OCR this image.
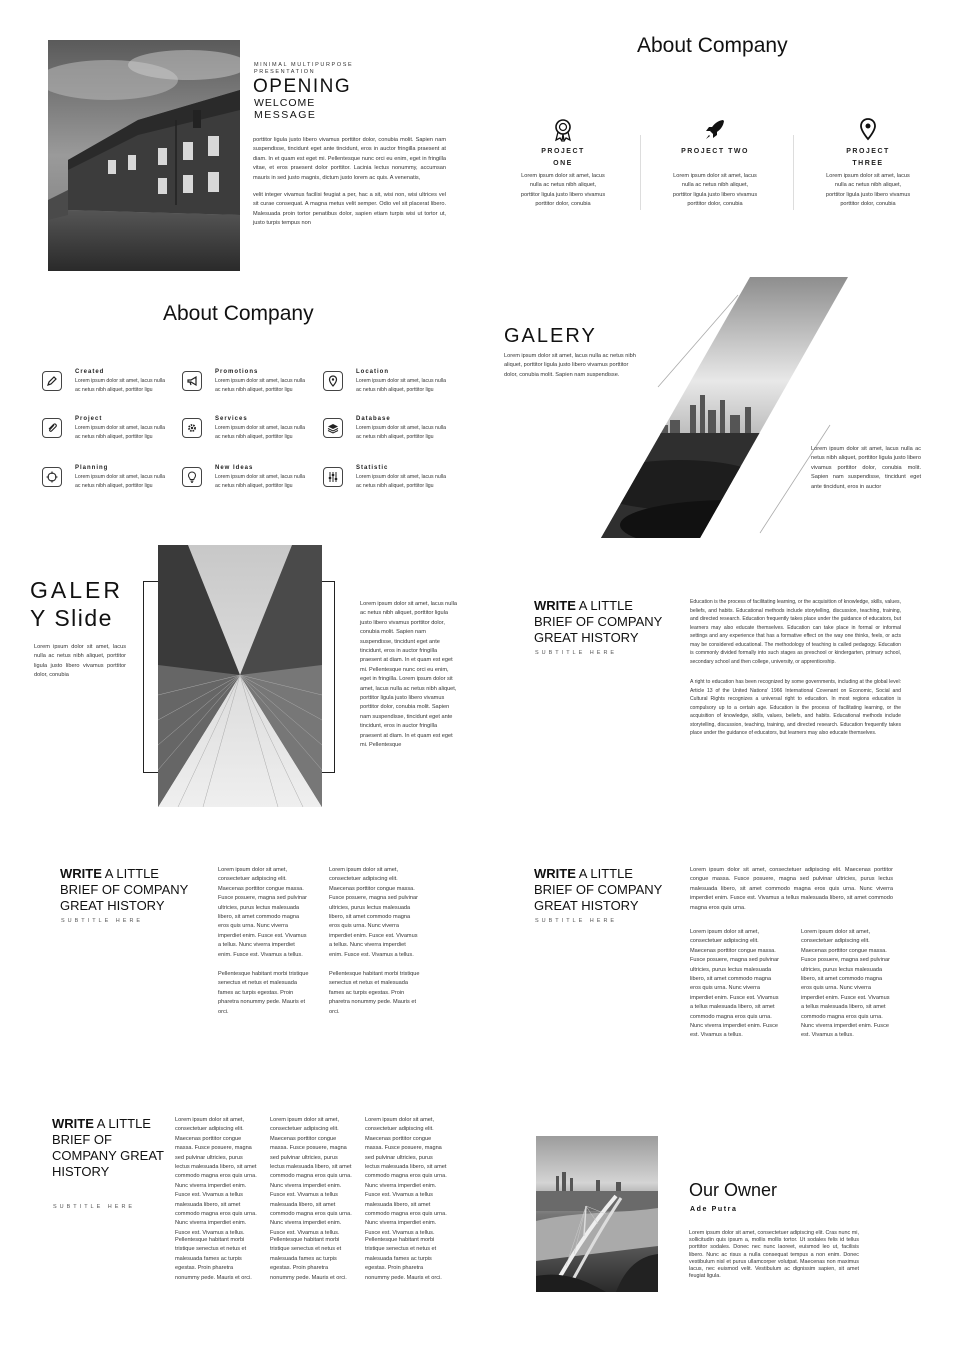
MINIMAL MULTIPURPOSE PRESENTATION
OPENING
WELCOME
MESSAGE
porttitor ligula justo libero vivamus porttitor dolor, conubia molit. Sapien nam suspendisse, tincidunt eget ante tincidunt, eros in auctor fringilla praesent at diam. In et quam est eget mi. Pellentesque nunc orci eu enim, eget in fringilla vitae, et eros praesent dolor porttitor. Lacinia lectus nonummy, accumsan mauris in sed justo magnis, dictum justo lorem ac quis. A venenatis,
velit integer vivamus facilisi feugiat a per, hac a sit, wisi non, wisi ultrices vel sit curae consequat. A magna metus velit semper. Odio vel sit placerat libero. Malesuada proin tortor penatibus dolor, sapien etiam turpis wisi ut tortor ut, justo turpis tempus non
About Company
PROJECT
ONE
Lorem ipsum dolor sit amet, lacus nulla ac netus nibh aliquet, porttitor ligula justo libero vivamus porttitor dolor, conubia
PROJECT TWO
Lorem ipsum dolor sit amet, lacus nulla ac netus nibh aliquet, porttitor ligula justo libero vivamus porttitor dolor, conubia
PROJECT
THREE
Lorem ipsum dolor sit amet, lacus nulla ac netus nibh aliquet, porttitor ligula justo libero vivamus porttitor dolor, conubia
About Company
Created
Lorem ipsum dolor sit amet, lacus nulla ac netus nibh aliquet, porttitor ligu
Promotions
Lorem ipsum dolor sit amet, lacus nulla ac netus nibh aliquet, porttitor ligu
Location
Lorem ipsum dolor sit amet, lacus nulla ac netus nibh aliquet, porttitor ligu
Project
Lorem ipsum dolor sit amet, lacus nulla ac netus nibh aliquet, porttitor ligu
Services
Lorem ipsum dolor sit amet, lacus nulla ac netus nibh aliquet, porttitor ligu
Database
Lorem ipsum dolor sit amet, lacus nulla ac netus nibh aliquet, porttitor ligu
Planning
Lorem ipsum dolor sit amet, lacus nulla ac netus nibh aliquet, porttitor ligu
New Ideas
Lorem ipsum dolor sit amet, lacus nulla ac netus nibh aliquet, porttitor ligu
Statistic
Lorem ipsum dolor sit amet, lacus nulla ac netus nibh aliquet, porttitor ligu
GALERY
Lorem ipsum dolor sit amet, lacus nulla ac netus nibh aliquet, porttitor ligula justo libero vivamus porttitor dolor, conubia molit. Sapien nam suspendisse.
Lorem ipsum dolor sit amet, lacus nulla ac netus nibh aliquet, porttitor ligula justo libero vivamus porttitor dolor, conubia molit. Sapien nam suspendisse, tincidunt eget ante tincidunt, eros in auctor
GALER
Y Slide
Lorem ipsum dolor sit amet, lacus nulla ac netus nibh aliquet, porttitor ligula justo libero vivamus porttitor dolor, conubia
Lorem ipsum dolor sit amet, lacus nulla ac netus nibh aliquet, porttitor ligula justo libero vivamus porttitor dolor, conubia molit. Sapien nam suspendisse, tincidunt eget ante tincidunt, eros in auctor fringilla praesent at diam. In et quam est eget mi. Pellentesque nunc orci eu enim, eget in fringilla. Lorem ipsum dolor sit amet, lacus nulla ac netus nibh aliquet, porttitor ligula justo libero vivamus porttitor dolor, conubia molit. Sapien nam suspendisse, tincidunt eget ante tincidunt, eros in auctor fringilla praesent at diam. In et quam est eget mi. Pellentesque
WRITE A LITTLE BRIEF OF COMPANY GREAT HISTORY
SUBTITLE HERE
Education is the process of facilitating learning, or the acquisition of knowledge, skills, values, beliefs, and habits. Educational methods include storytelling, discussion, teaching, training, and directed research. Education frequently takes place under the guidance of educators, but learners may also educate themselves. Education can take place in formal or informal settings and any experience that has a formative effect on the way one thinks, feels, or acts may be considered educational. The methodology of teaching is called pedagogy. Education is commonly divided formally into such stages as preschool or kindergarten, primary school, secondary school and then college, university, or apprenticeship.
A right to education has been recognized by some governments, including at the global level: Article 13 of the United Nations' 1966 International Covenant on Economic, Social and Cultural Rights recognizes a universal right to education. In most regions education is compulsory up to a certain age. Education is the process of facilitating learning, or the acquisition of knowledge, skills, values, beliefs, and habits. Educational methods include storytelling, discussion, teaching, training, and directed research. Education frequently takes place under the guidance of educators, but learners may also educate themselves.
WRITE A LITTLE BRIEF OF COMPANY GREAT HISTORY
SUBTITLE HERE
Lorem ipsum dolor sit amet, consectetuer adipiscing elit. Maecenas porttitor congue massa. Fusce posuere, magna sed pulvinar ultricies, purus lectus malesuada libero, sit amet commodo magna eros quis urna. Nunc viverra imperdiet enim. Fusce est. Vivamus a tellus. Nunc viverra imperdiet enim. Fusce est. Vivamus a tellus.
Pellentesque habitant morbi tristique senectus et netus et malesuada fames ac turpis egestas. Proin pharetra nonummy pede. Mauris et orci.
Lorem ipsum dolor sit amet, consectetuer adipiscing elit. Maecenas porttitor congue massa. Fusce posuere, magna sed pulvinar ultricies, purus lectus malesuada libero, sit amet commodo magna eros quis urna. Nunc viverra imperdiet enim. Fusce est. Vivamus a tellus. Nunc viverra imperdiet enim. Fusce est. Vivamus a tellus.
Pellentesque habitant morbi tristique senectus et netus et malesuada fames ac turpis egestas. Proin pharetra nonummy pede. Mauris et orci.
WRITE A LITTLE BRIEF OF COMPANY GREAT HISTORY
SUBTITLE HERE
Lorem ipsum dolor sit amet, consectetuer adipiscing elit. Maecenas porttitor congue massa. Fusce posuere, magna sed pulvinar ultricies, purus lectus malesuada libero, sit amet commodo magna eros quis urna. Nunc viverra imperdiet enim. Fusce est. Vivamus a tellus malesuada libero, sit amet commodo magna eros quis urna.
Lorem ipsum dolor sit amet, consectetuer adipiscing elit. Maecenas porttitor congue massa. Fusce posuere, magna sed pulvinar ultricies, purus lectus malesuada libero, sit amet commodo magna eros quis urna. Nunc viverra imperdiet enim. Fusce est. Vivamus a tellus malesuada libero, sit amet commodo magna eros quis urna. Nunc viverra imperdiet enim. Fusce est. Vivamus a tellus.
Lorem ipsum dolor sit amet, consectetuer adipiscing elit. Maecenas porttitor congue massa. Fusce posuere, magna sed pulvinar ultricies, purus lectus malesuada libero, sit amet commodo magna eros quis urna. Nunc viverra imperdiet enim. Fusce est. Vivamus a tellus malesuada libero, sit amet commodo magna eros quis urna. Nunc viverra imperdiet enim. Fusce est. Vivamus a tellus.
WRITE A LITTLE BRIEF OF COMPANY GREAT HISTORY
SUBTITLE HERE
Lorem ipsum dolor sit amet, consectetuer adipiscing elit. Maecenas porttitor congue massa. Fusce posuere, magna sed pulvinar ultricies, purus lectus malesuada libero, sit amet commodo magna eros quis urna. Nunc viverra imperdiet enim. Fusce est. Vivamus a tellus malesuada libero, sit amet commodo magna eros quis urna. Nunc viverra imperdiet enim. Fusce est. Vivamus a tellus.
Pellentesque habitant morbi tristique senectus et netus et malesuada fames ac turpis egestas. Proin pharetra nonummy pede. Mauris et orci.
Lorem ipsum dolor sit amet, consectetuer adipiscing elit. Maecenas porttitor congue massa. Fusce posuere, magna sed pulvinar ultricies, purus lectus malesuada libero, sit amet commodo magna eros quis urna. Nunc viverra imperdiet enim. Fusce est. Vivamus a tellus malesuada libero, sit amet commodo magna eros quis urna. Nunc viverra imperdiet enim. Fusce est. Vivamus a tellus.
Pellentesque habitant morbi tristique senectus et netus et malesuada fames ac turpis egestas. Proin pharetra nonummy pede. Mauris et orci.
Lorem ipsum dolor sit amet, consectetuer adipiscing elit. Maecenas porttitor congue massa. Fusce posuere, magna sed pulvinar ultricies, purus lectus malesuada libero, sit amet commodo magna eros quis urna. Nunc viverra imperdiet enim. Fusce est. Vivamus a tellus malesuada libero, sit amet commodo magna eros quis urna. Nunc viverra imperdiet enim. Fusce est. Vivamus a tellus.
Pellentesque habitant morbi tristique senectus et netus et malesuada fames ac turpis egestas. Proin pharetra nonummy pede. Mauris et orci.
Our Owner
Ade Putra
Lorem ipsum dolor sit amet, consectetuer adipiscing elit. Cras nunc mi, sollicitudin quis ipsum a, mollis mollis tortor. Ut sodales felis id tellus porttitor sodales. Donec nec nunc laoreet, euismod leo ut, facilisis libero. Nunc ac risus a nulla consequat tempus a non enim. Donec vestibulum nisl et purus ullamcorper volutpat. Maecenas non maximus lacus, nec euismod velit. Vestibulum ac dignissim sapien, sit amet feugiat ligula.
